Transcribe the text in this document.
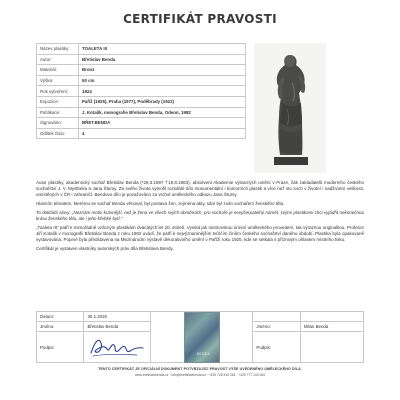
CERTIFIKÁT PRAVOSTI
Název plastiky:	TOALETA III
Autor:	Břetislav Benda
Materiál:	Bronz
Výška:	50 cm
Rok vytvoření:	1924
Expozice:	Paříž (1925), Praha (1977), Poděbrady (1922)
Publikace:	J. Kotalík, monografie Břetislav Benda, Odeon, 1982
Signováno:	BŘET.BENDA
Odlitek číslo:	4

Autor plastiky, akademický sochař Břetislav Benda (*28.3.1897 †19.8.1983), absolvent Akademie výtvarných umění v Praze, žák zakladatelů moderního českého sochařství J. V. Myslbeka a Jana Štursy. Za svého života vytvořil rozsáhlé dílo monumentální i komorních plastik a více než sto soch v životní i nadživotní velikosti, umístěných v ČR i zahraničí. Bendovo dílo je považováno za vrchol uměleckého odkazu Jana Štursy.

Hlavním tématem, kterému se sochař Benda věnoval, byl postava žen, zejména akty, sám byl zván sochařem ženského těla.

To dokládá slovy: „Neznám motiv krásnější, než je žena ve všech svých obměnách, pro sochaře je nevyčerpatelný námět, svými plastikami chci vyjádřit nekonečnou krásu ženského těla, ale i jeho křehké bytí.“

„Toaleta III“ patří k mimořádně vzácným plastikám dvacátých let 20. století. Vyniká jak mistrovskou úrovní uměleckého provedení, tak výraznou originalitou. Profesor Jiří Kotalík v monografii Břetislav Benda z roku 1982 uvádí, že patří k nejvýznamnějším tvůrčím činům českého sochařství daného období. Plastika byla opakovaně vystavována. Poprvé byla představena na Mezinárodní výstavě dekorativního umění v Paříži roku 1925, kde se setkala s příznivým ohlasem místního tisku.

Certifikát je vystaven vlastníky autorských práv díla Břetislava Bendy.

Datum:	30.1.2026	BENDA		

Jméno:	Břetislav Benda		Jméno:	Milan Benda
Podpis:			Podpis:	
TENTO CERTIFIKÁT JE OFICIÁLNÍ DOKUMENT POTVRZUJÍCÍ PRAVOST VÝŠE UVEDENÉHO UMĚLECKÉHO DÍLA.
www.bretislavbenda.cz · info@bretislavbenda.cz · +420 728 916 318 · +420 777 143 084
